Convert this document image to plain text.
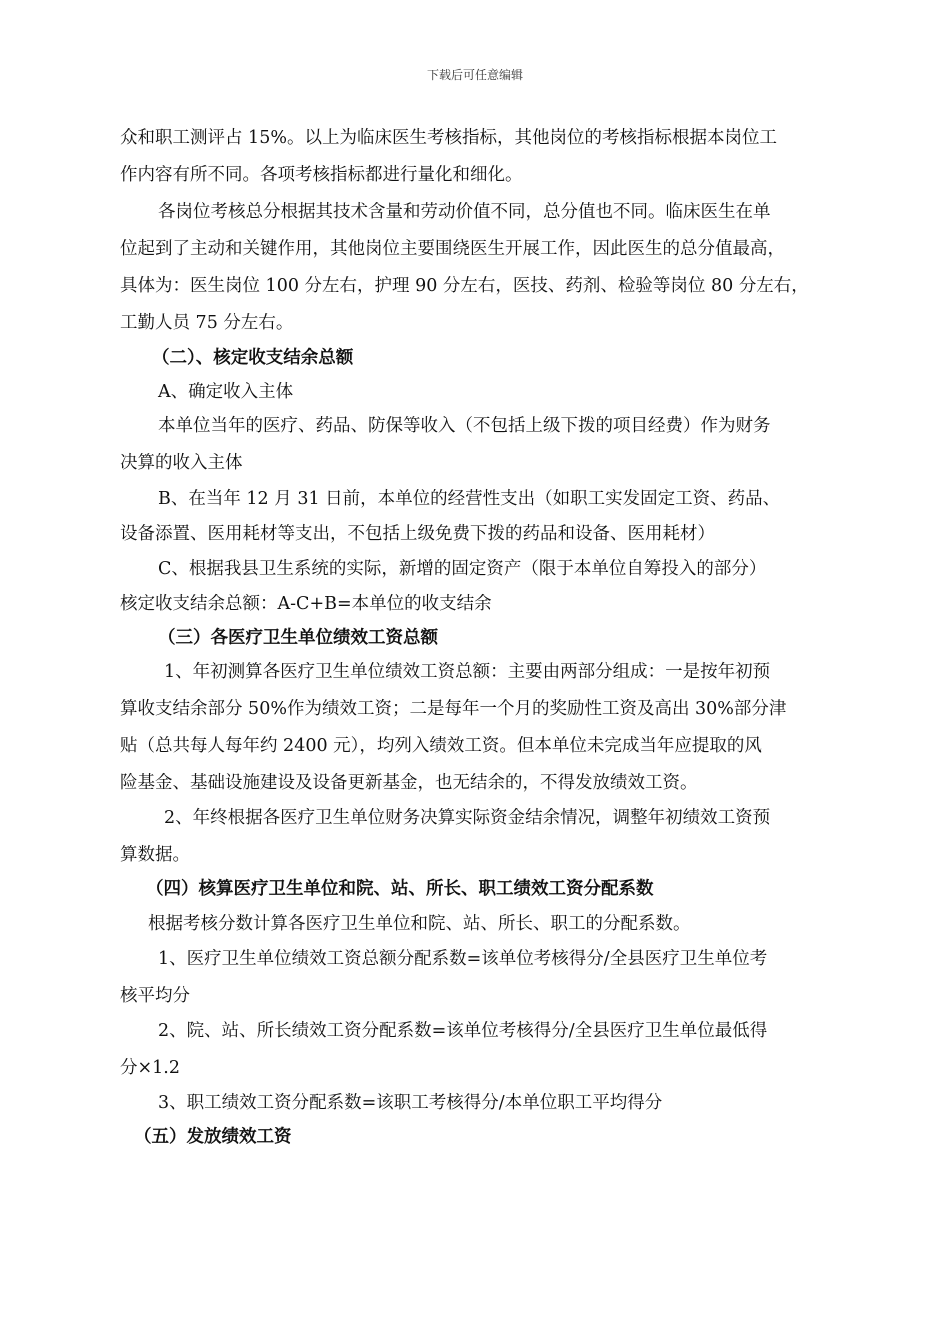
下载后可任意编辑
众和职工测评占 15%。以上为临床医生考核指标，其他岗位的考核指标根据本岗位工
作内容有所不同。各项考核指标都进行量化和细化。
各岗位考核总分根据其技术含量和劳动价值不同，总分值也不同。临床医生在单
位起到了主动和关键作用，其他岗位主要围绕医生开展工作，因此医生的总分值最高，
具体为：医生岗位 100 分左右，护理 90 分左右，医技、药剂、检验等岗位 80 分左右，
工勤人员 75 分左右。
（二）、核定收支结余总额
A、确定收入主体
本单位当年的医疗、药品、防保等收入（不包括上级下拨的项目经费）作为财务
决算的收入主体
B、在当年 12 月 31 日前，本单位的经营性支出（如职工实发固定工资、药品、
设备添置、医用耗材等支出，不包括上级免费下拨的药品和设备、医用耗材）
C、根据我县卫生系统的实际，新增的固定资产（限于本单位自筹投入的部分）
核定收支结余总额：A-C+B=本单位的收支结余
（三）各医疗卫生单位绩效工资总额
1、年初测算各医疗卫生单位绩效工资总额：主要由两部分组成：一是按年初预
算收支结余部分 50%作为绩效工资；二是每年一个月的奖励性工资及高出 30%部分津
贴（总共每人每年约 2400 元），均列入绩效工资。但本单位未完成当年应提取的风
险基金、基础设施建设及设备更新基金，也无结余的，不得发放绩效工资。
2、年终根据各医疗卫生单位财务决算实际资金结余情况，调整年初绩效工资预
算数据。
（四）核算医疗卫生单位和院、站、所长、职工绩效工资分配系数
根据考核分数计算各医疗卫生单位和院、站、所长、职工的分配系数。
1、医疗卫生单位绩效工资总额分配系数=该单位考核得分/全县医疗卫生单位考
核平均分
2、院、站、所长绩效工资分配系数=该单位考核得分/全县医疗卫生单位最低得
分×1.2
3、职工绩效工资分配系数=该职工考核得分/本单位职工平均得分
（五）发放绩效工资
